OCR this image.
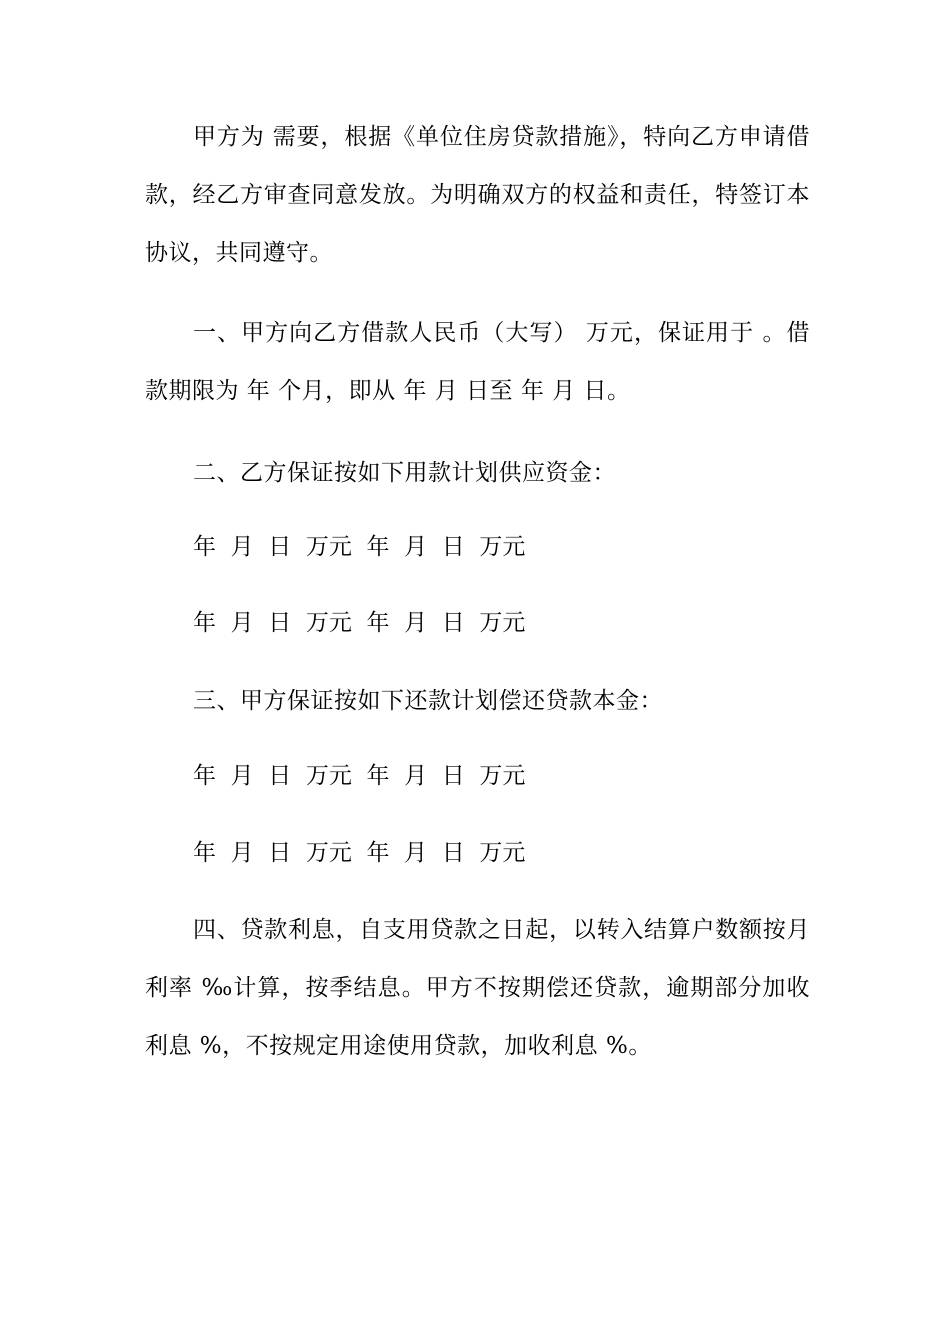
甲方为 需要，根据《单位住房贷款措施》，特向乙方申请借款，经乙方审查同意发放。为明确双方的权益和责任，特签订本协议，共同遵守。

一、甲方向乙方借款人民币（大写） 万元，保证用于 。借款期限为 年 个月，即从 年 月 日至 年 月 日。

二、乙方保证按如下用款计划供应资金：

年  月  日  万元  年  月  日  万元

年  月  日  万元  年  月  日  万元

三、甲方保证按如下还款计划偿还贷款本金：

年  月  日  万元  年  月  日  万元

年  月  日  万元  年  月  日  万元

四、贷款利息，自支用贷款之日起，以转入结算户数额按月利率 ‰计算，按季结息。甲方不按期偿还贷款，逾期部分加收利息 %，不按规定用途使用贷款，加收利息 %。
